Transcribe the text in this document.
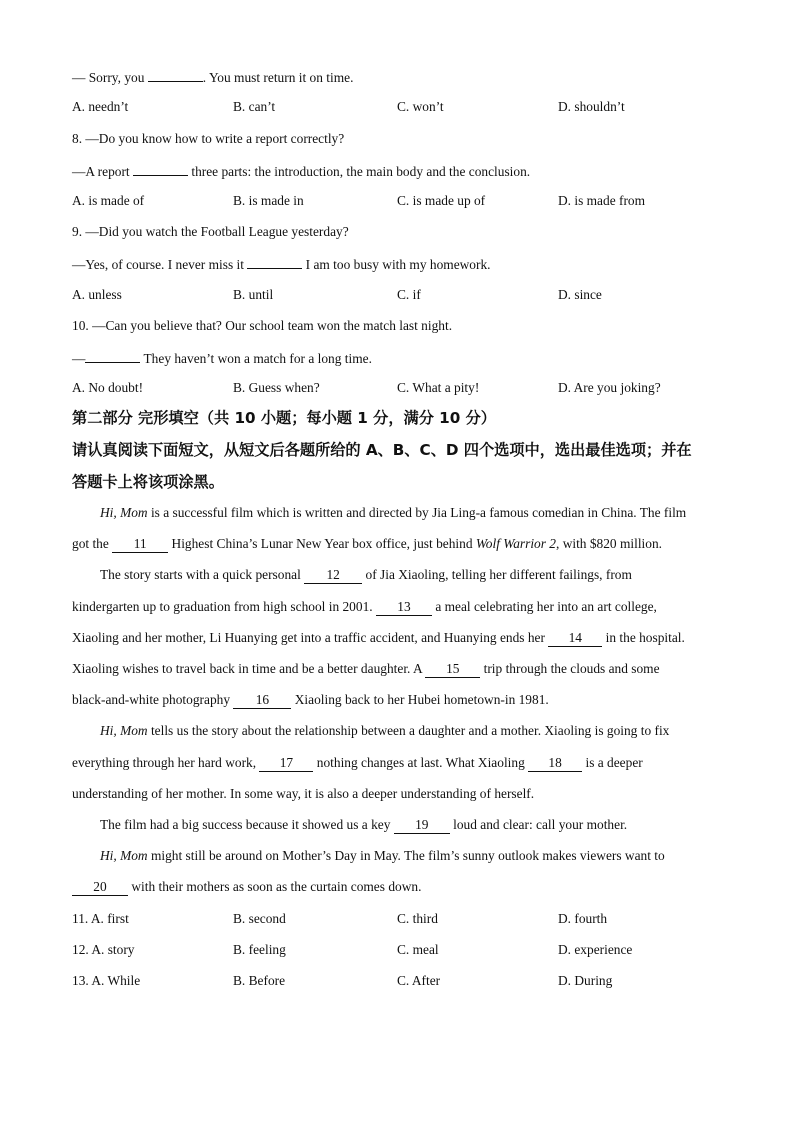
— Sorry, you	. You must return it on time.
A. needn’t	B. can’t	C. won’t	D. shouldn’t
8. —Do you know how to write a report correctly?
—A report	three parts: the introduction, the main body and the conclusion.
A. is made of	B. is made in	C. is made up of	D. is made from
9. —Did you watch the Football League yesterday?
—Yes, of course. I never miss it	I am too busy with my homework.
A. unless	B. until	C. if	D. since
10. —Can you believe that? Our school team won the match last night.
—	They haven’t won a match for a long time.
A. No doubt!	B. Guess when?	C. What a pity!	D. Are you joking?
第二部分 完形填空（共 10 小题；每小题 1 分，满分 10 分）
请认真阅读下面短文，从短文后各题所给的 A、B、C、D 四个选项中，选出最佳选项；并在
答题卡上将该项涂黑。
Hi, Mom is a successful film which is written and directed by Jia Ling-a famous comedian in China. The film
got the 11 Highest China’s Lunar New Year box office, just behind Wolf Warrior 2, with $820 million.
The story starts with a quick personal 12 of Jia Xiaoling, telling her different failings, from
kindergarten up to graduation from high school in 2001. 13 a meal celebrating her into an art college,
Xiaoling and her mother, Li Huanying get into a traffic accident, and Huanying ends her 14 in the hospital.
Xiaoling wishes to travel back in time and be a better daughter. A 15 trip through the clouds and some
black-and-white photography 16 Xiaoling back to her Hubei hometown-in 1981.
Hi, Mom tells us the story about the relationship between a daughter and a mother. Xiaoling is going to fix
everything through her hard work, 17 nothing changes at last. What Xiaoling 18 is a deeper
understanding of her mother. In some way, it is also a deeper understanding of herself.
The film had a big success because it showed us a key 19 loud and clear: call your mother.
Hi, Mom might still be around on Mother’s Day in May. The film’s sunny outlook makes viewers want to
20 with their mothers as soon as the curtain comes down.
11. A. first	B. second	C. third	D. fourth
12. A. story	B. feeling	C. meal	D. experience
13. A. While	B. Before	C. After	D. During
